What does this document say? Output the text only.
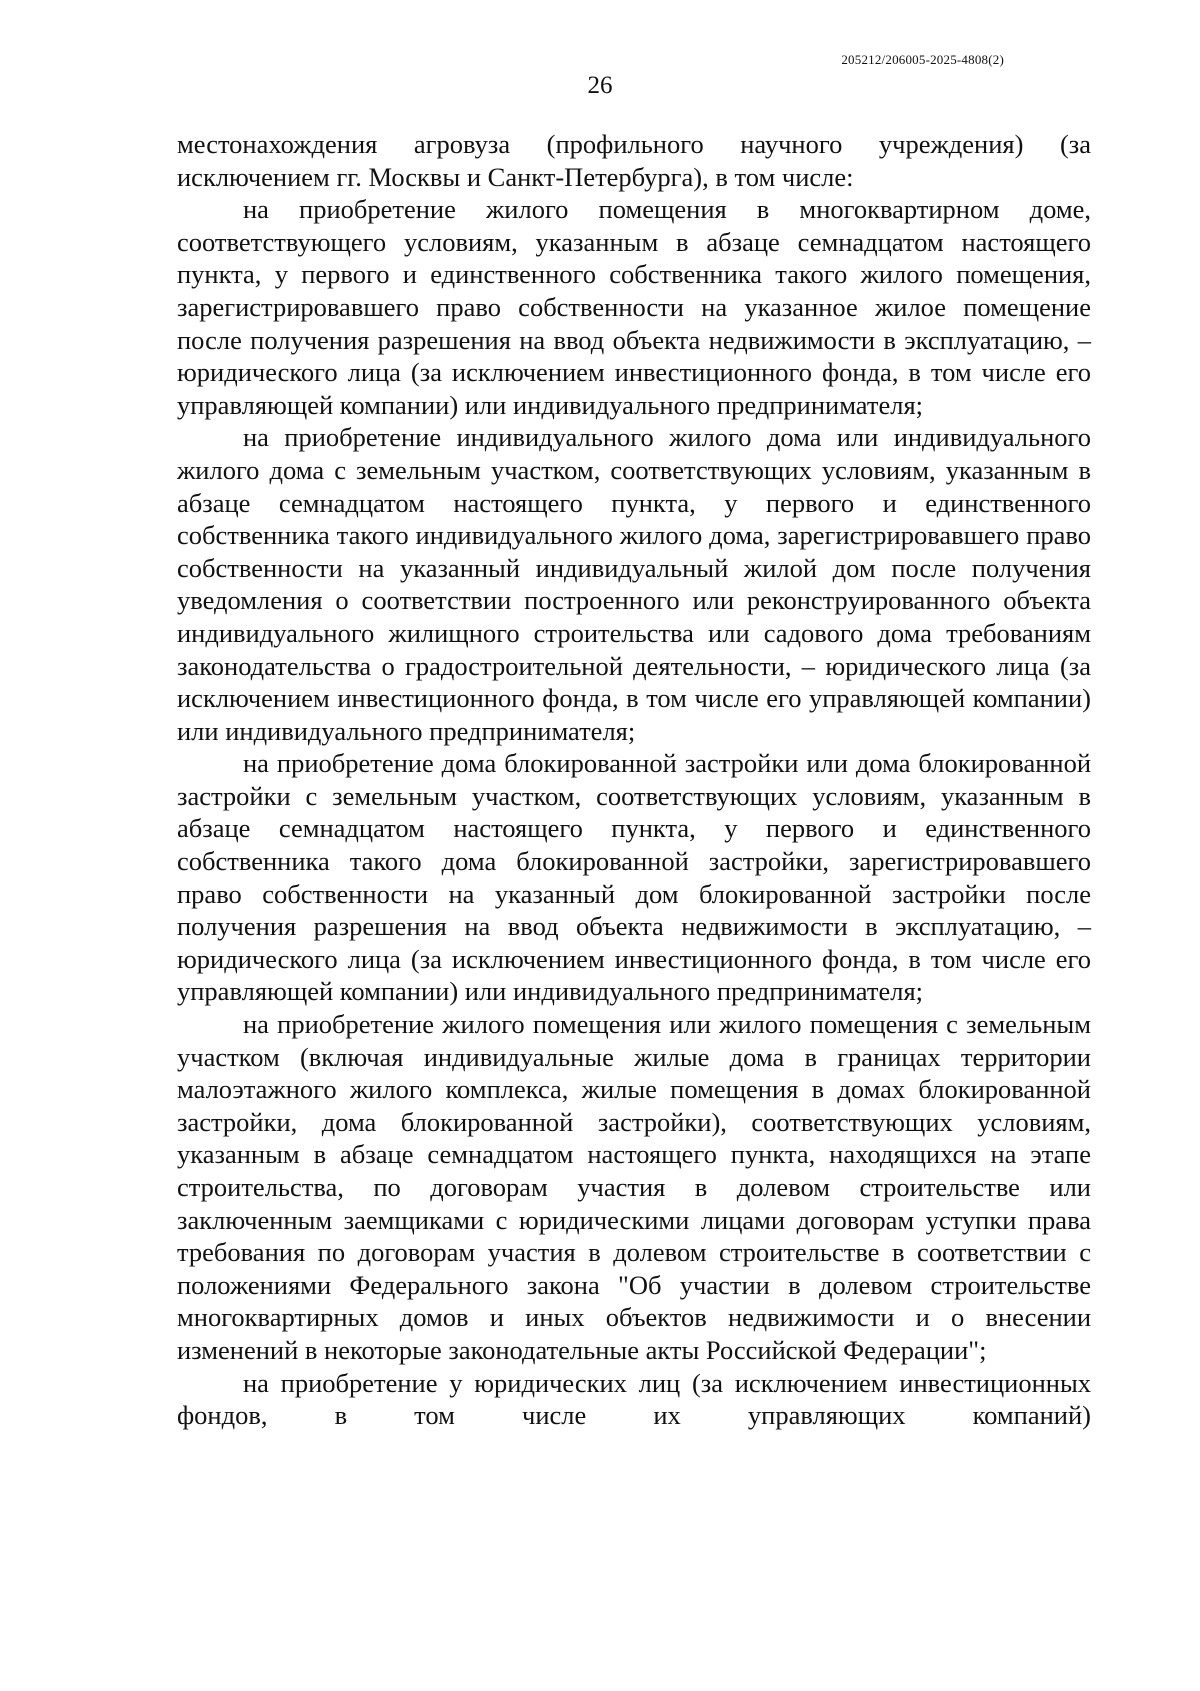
205212/206005-2025-4808(2)
26

местонахождения агровуза (профильного научного учреждения) (за исключением гг. Москвы и Санкт-Петербурга), в том числе:

на приобретение жилого помещения в многоквартирном доме, соответствующего условиям, указанным в абзаце семнадцатом настоящего пункта, у первого и единственного собственника такого жилого помещения, зарегистрировавшего право собственности на указанное жилое помещение после получения разрешения на ввод объекта недвижимости в эксплуатацию, – юридического лица (за исключением инвестиционного фонда, в том числе его управляющей компании) или индивидуального предпринимателя;

на приобретение индивидуального жилого дома или индивидуального жилого дома с земельным участком, соответствующих условиям, указанным в абзаце семнадцатом настоящего пункта, у первого и единственного собственника такого индивидуального жилого дома, зарегистрировавшего право собственности на указанный индивидуальный жилой дом после получения уведомления о соответствии построенного или реконструированного объекта индивидуального жилищного строительства или садового дома требованиям законодательства о градостроительной деятельности, – юридического лица (за исключением инвестиционного фонда, в том числе его управляющей компании) или индивидуального предпринимателя;

на приобретение дома блокированной застройки или дома блокированной застройки с земельным участком, соответствующих условиям, указанным в абзаце семнадцатом настоящего пункта, у первого и единственного собственника такого дома блокированной застройки, зарегистрировавшего право собственности на указанный дом блокированной застройки после получения разрешения на ввод объекта недвижимости в эксплуатацию, – юридического лица (за исключением инвестиционного фонда, в том числе его управляющей компании) или индивидуального предпринимателя;

на приобретение жилого помещения или жилого помещения с земельным участком (включая индивидуальные жилые дома в границах территории малоэтажного жилого комплекса, жилые помещения в домах блокированной застройки, дома блокированной застройки), соответствующих условиям, указанным в абзаце семнадцатом настоящего пункта, находящихся на этапе строительства, по договорам участия в долевом строительстве или заключенным заемщиками с юридическими лицами договорам уступки права требования по договорам участия в долевом строительстве в соответствии с положениями Федерального закона "Об участии в долевом строительстве многоквартирных домов и иных объектов недвижимости и о внесении изменений в некоторые законодательные акты Российской Федерации";

на приобретение у юридических лиц (за исключением инвестиционных фондов, в том числе их управляющих компаний)
